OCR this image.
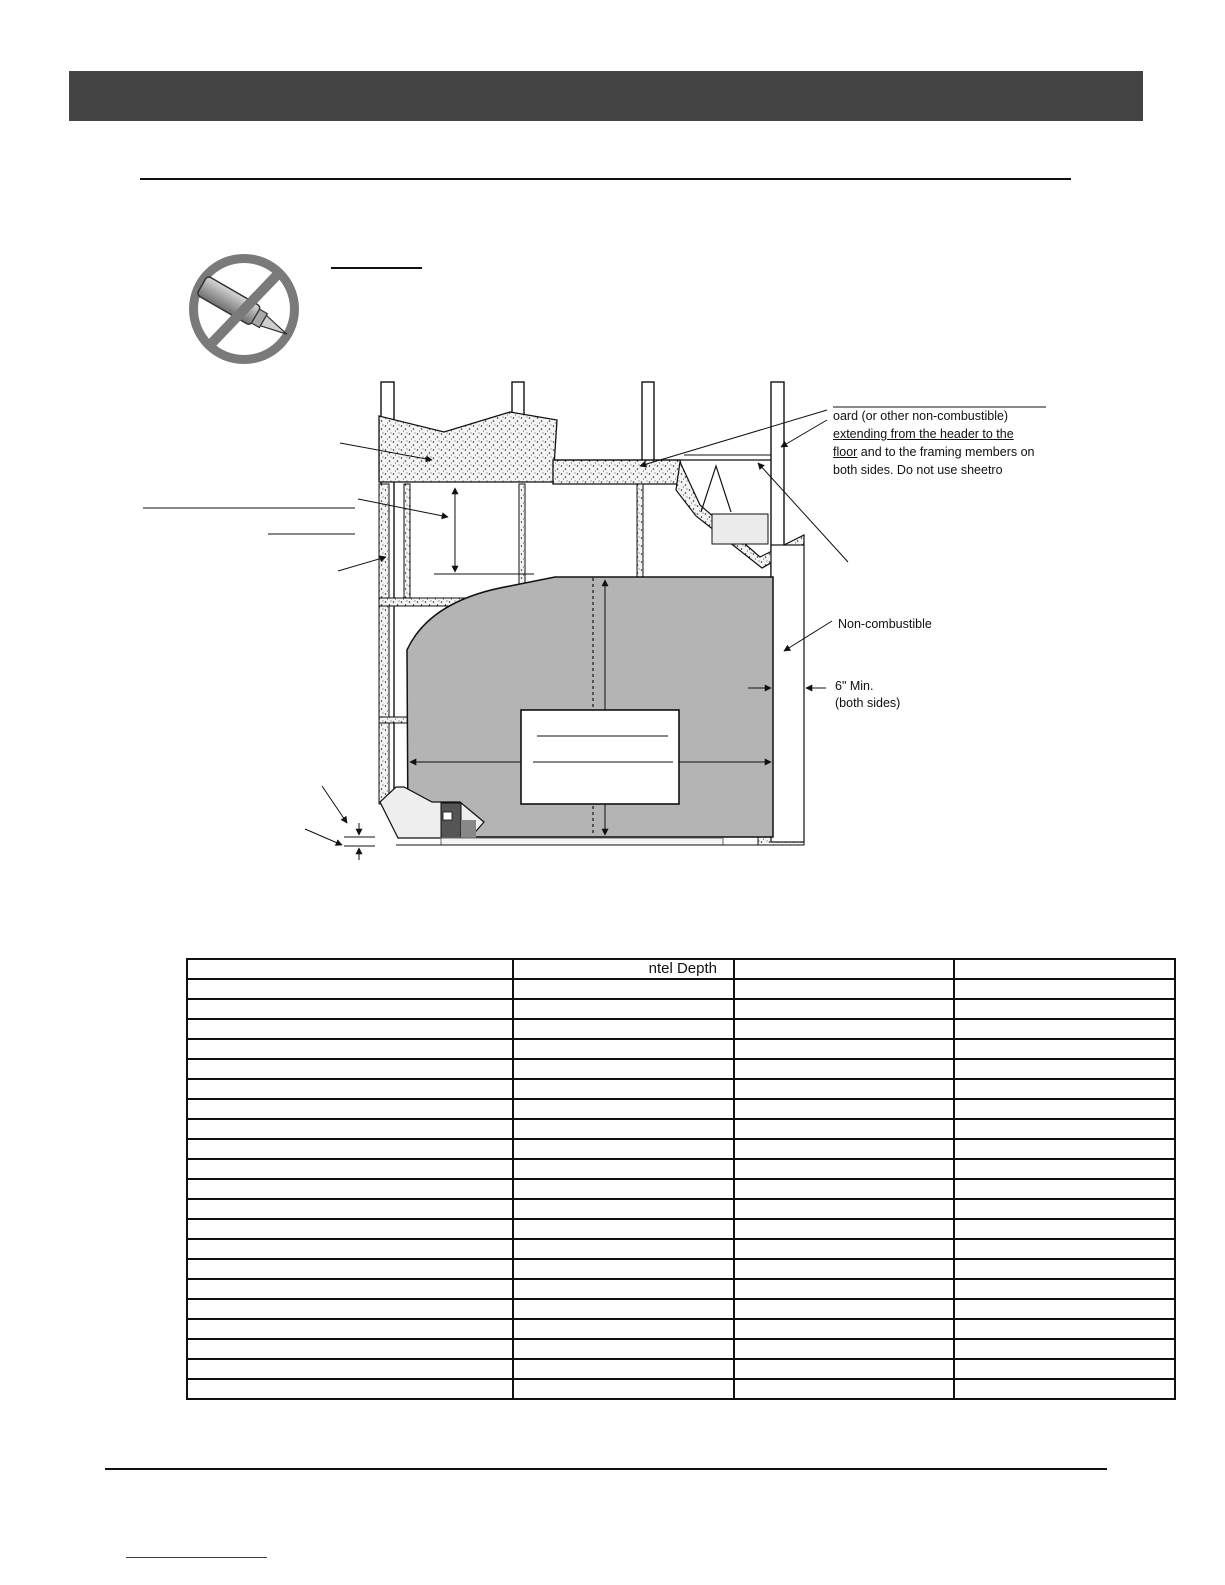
oard (or other non-combustible)
extending from the header to the
floor and to the framing members on
both sides. Do not use sheetro
Non-combustible
6" Min.
(both sides)
	ntel Depth		
